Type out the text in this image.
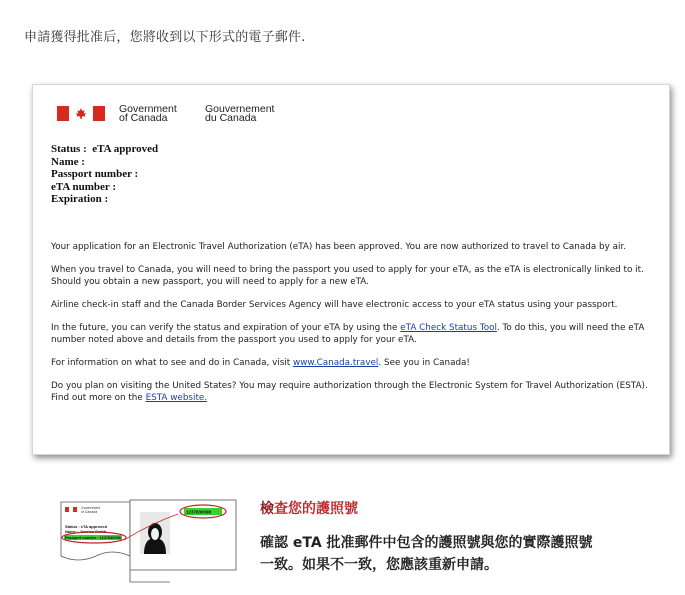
申請獲得批准后，您將收到以下形式的電子郵件.
Government
of Canada
Gouvernement
du Canada
Status :  eTA approved
Name :
Passport number :
eTA number :
Expiration :

Your application for an Electronic Travel Authorization (eTA) has been approved. You are now authorized to travel to Canada by air.

When you travel to Canada, you will need to bring the passport you used to apply for your eTA, as the eTA is electronically linked to it. Should you obtain a new passport, you will need to apply for a new eTA.

Airline check-in staff and the Canada Border Services Agency will have electronic access to your eTA status using your passport.

In the future, you can verify the status and expiration of your eTA by using the eTA Check Status Tool. To do this, you will need the eTA number noted above and details from the passport you used to apply for your eTA.

For information on what to see and do in Canada, visit www.Canada.travel. See you in Canada!

Do you plan on visiting the United States? You may require authorization through the Electronic System for Travel Authorization (ESTA). Find out more on the ESTA website.

Government
of Canada
Status : eTA approved
Name : Jessica Smith
Passport number : 1237830098
1237830098	檢查您的護照號
確認 eTA 批准郵件中包含的護照號與您的實際護照號
一致。如果不一致，您應該重新申請。
